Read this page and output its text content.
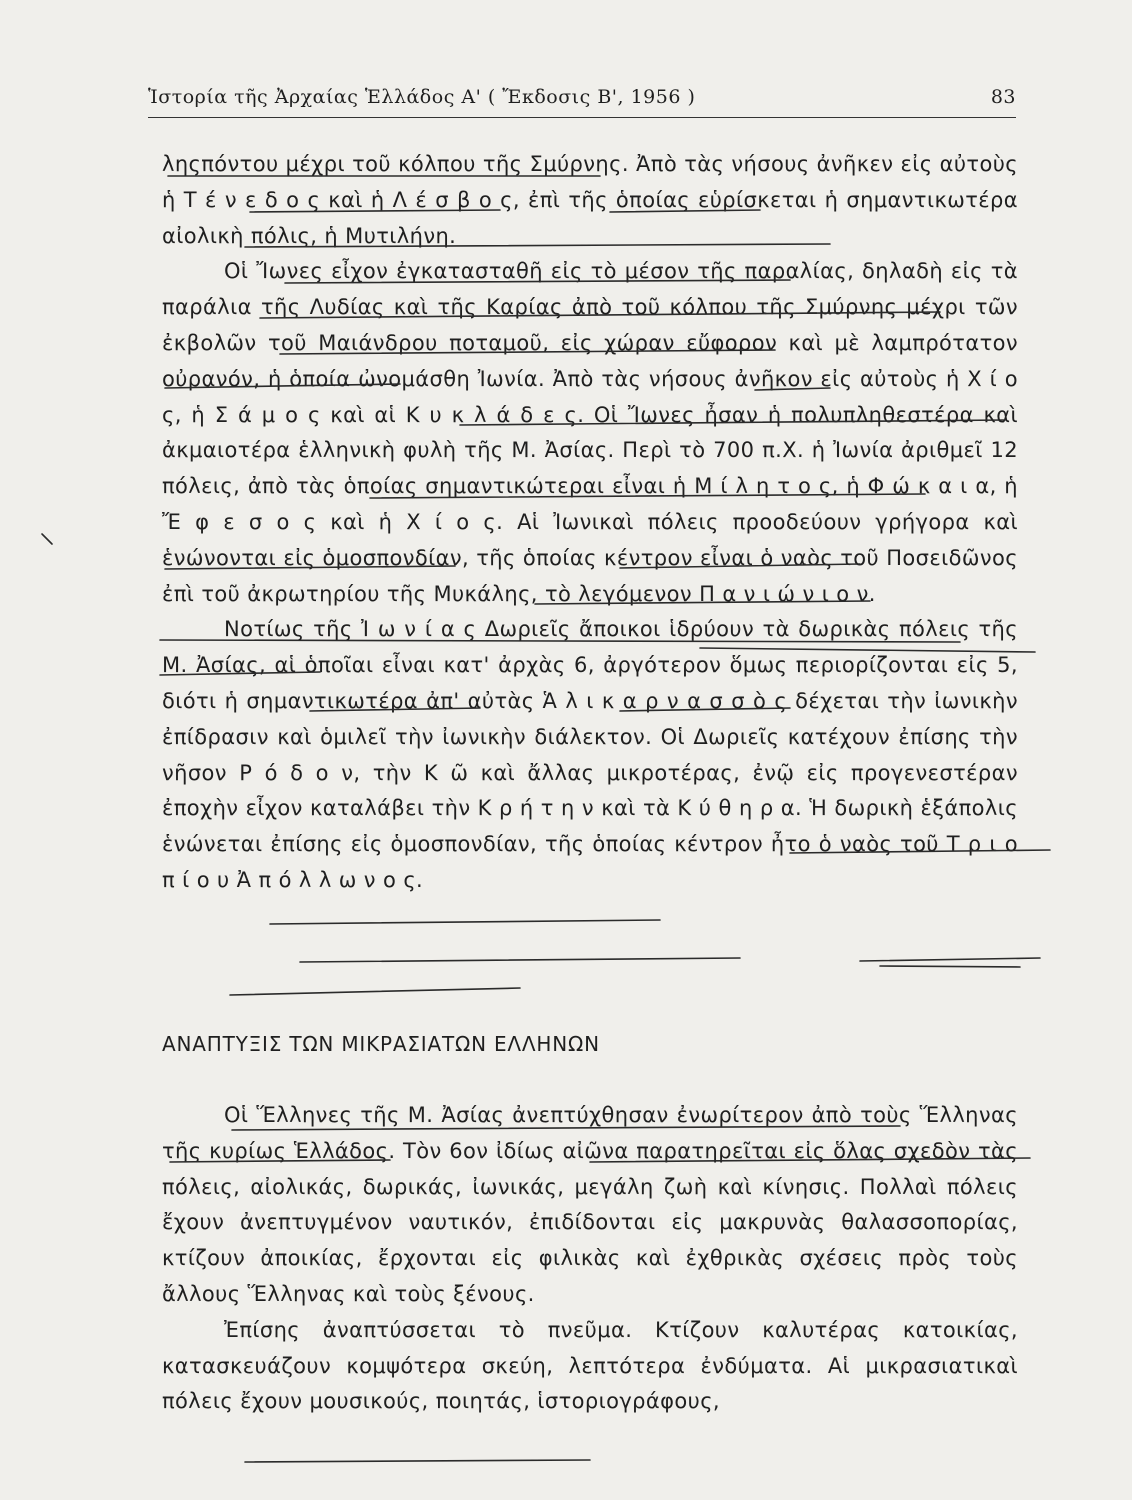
Ἱστορία τῆς Ἀρχαίας Ἑλλάδος Α' ( Ἔκδοσις Β', 1956 )	83

ληςπόντου μέχρι τοῦ κόλπου τῆς Σμύρνης. Ἀπὸ τὰς νήσους ἀνῆκεν εἰς αὐτοὺς ἡ Τ έ ν ε δ ο ς καὶ ἡ Λ έ σ β ο ς, ἐπὶ τῆς ὁποίας εὑρίσκεται ἡ σημαντικωτέρα αἰολικὴ πόλις, ἡ Μυτιλήνη.

Οἱ Ἴωνες εἶχον ἐγκατασταθῆ εἰς τὸ μέσον τῆς παραλίας, δηλαδὴ εἰς τὰ παράλια τῆς Λυδίας καὶ τῆς Καρίας ἀπὸ τοῦ κόλπου τῆς Σμύρνης μέχρι τῶν ἐκβολῶν τοῦ Μαιάνδρου ποταμοῦ, εἰς χώραν εὔφορον καὶ μὲ λαμπρότατον οὐρανόν, ἡ ὁποία ὠνομάσθη Ἰωνία. Ἀπὸ τὰς νήσους ἀνῆκον εἰς αὐτοὺς ἡ Χ ί ο ς, ἡ Σ ά μ ο ς καὶ αἱ Κ υ κ λ ά δ ε ς. Οἱ Ἴωνες ἦσαν ἡ πολυπληθεστέρα καὶ ἀκμαιοτέρα ἑλληνικὴ φυλὴ τῆς Μ. Ἀσίας. Περὶ τὸ 700 π.Χ. ἡ Ἰωνία ἀριθμεῖ 12 πόλεις, ἀπὸ τὰς ὁποίας σημαντικώτεραι εἶναι ἡ Μ ί λ η τ ο ς, ἡ Φ ώ κ α ι α, ἡ Ἔ φ ε σ ο ς καὶ ἡ Χ ί ο ς. Αἱ Ἰωνικαὶ πόλεις προοδεύουν γρήγορα καὶ ἑνώνονται εἰς ὁμοσπονδίαν, τῆς ὁποίας κέντρον εἶναι ὁ ναὸς τοῦ Ποσειδῶνος ἐπὶ τοῦ ἀκρωτηρίου τῆς Μυκάλης, τὸ λεγόμενον Π α ν ι ώ ν ι ο ν.

Νοτίως τῆς Ἰ ω ν ί α ς Δωριεῖς ἄποικοι ἱδρύουν τὰ δωρικὰς πόλεις τῆς Μ. Ἀσίας, αἱ ὁποῖαι εἶναι κατ' ἀρχὰς 6, ἀργότερον ὅμως περιορίζονται εἰς 5, διότι ἡ σημαντικωτέρα ἀπ' αὐτὰς Ἁ λ ι κ α ρ ν α σ σ ὸ ς δέχεται τὴν ἰωνικὴν ἐπίδρασιν καὶ ὁμιλεῖ τὴν ἰωνικὴν διάλεκτον. Οἱ Δωριεῖς κατέχουν ἐπίσης τὴν νῆσον Ρ ό δ ο ν, τὴν Κ ῶ καὶ ἄλλας μικροτέρας, ἐνῷ εἰς προγενεστέραν ἐποχὴν εἶχον καταλάβει τὴν Κ ρ ή τ η ν καὶ τὰ Κ ύ θ η ρ α. Ἡ δωρικὴ ἑξάπολις ἑνώνεται ἐπίσης εἰς ὁμοσπονδίαν, τῆς ὁποίας κέντρον ἦτο ὁ ναὸς τοῦ Τ ρ ι ο π ί ο υ Ἀ π ό λ λ ω ν ο ς.

ΑΝΑΠΤΥΞΙΣ ΤΩΝ ΜΙΚΡΑΣΙΑΤΩΝ ΕΛΛΗΝΩΝ

Οἱ Ἕλληνες τῆς Μ. Ἀσίας ἀνεπτύχθησαν ἐνωρίτερον ἀπὸ τοὺς Ἕλληνας τῆς κυρίως Ἑλλάδος. Τὸν 6ον ἰδίως αἰῶνα παρατηρεῖται εἰς ὅλας σχεδὸν τὰς πόλεις, αἰολικάς, δωρικάς, ἰωνικάς, μεγάλη ζωὴ καὶ κίνησις. Πολλαὶ πόλεις ἔχουν ἀνεπτυγμένον ναυτικόν, ἐπιδίδονται εἰς μακρυνὰς θαλασσοπορίας, κτίζουν ἀποικίας, ἔρχονται εἰς φιλικὰς καὶ ἐχθρικὰς σχέσεις πρὸς τοὺς ἄλλους Ἕλληνας καὶ τοὺς ξένους.

Ἐπίσης ἀναπτύσσεται τὸ πνεῦμα. Κτίζουν καλυτέρας κατοικίας, κατασκευάζουν κομψότερα σκεύη, λεπτότερα ἐνδύματα. Αἱ μικρασιατικαὶ πόλεις ἔχουν μουσικούς, ποιητάς, ἱστοριογράφους,
